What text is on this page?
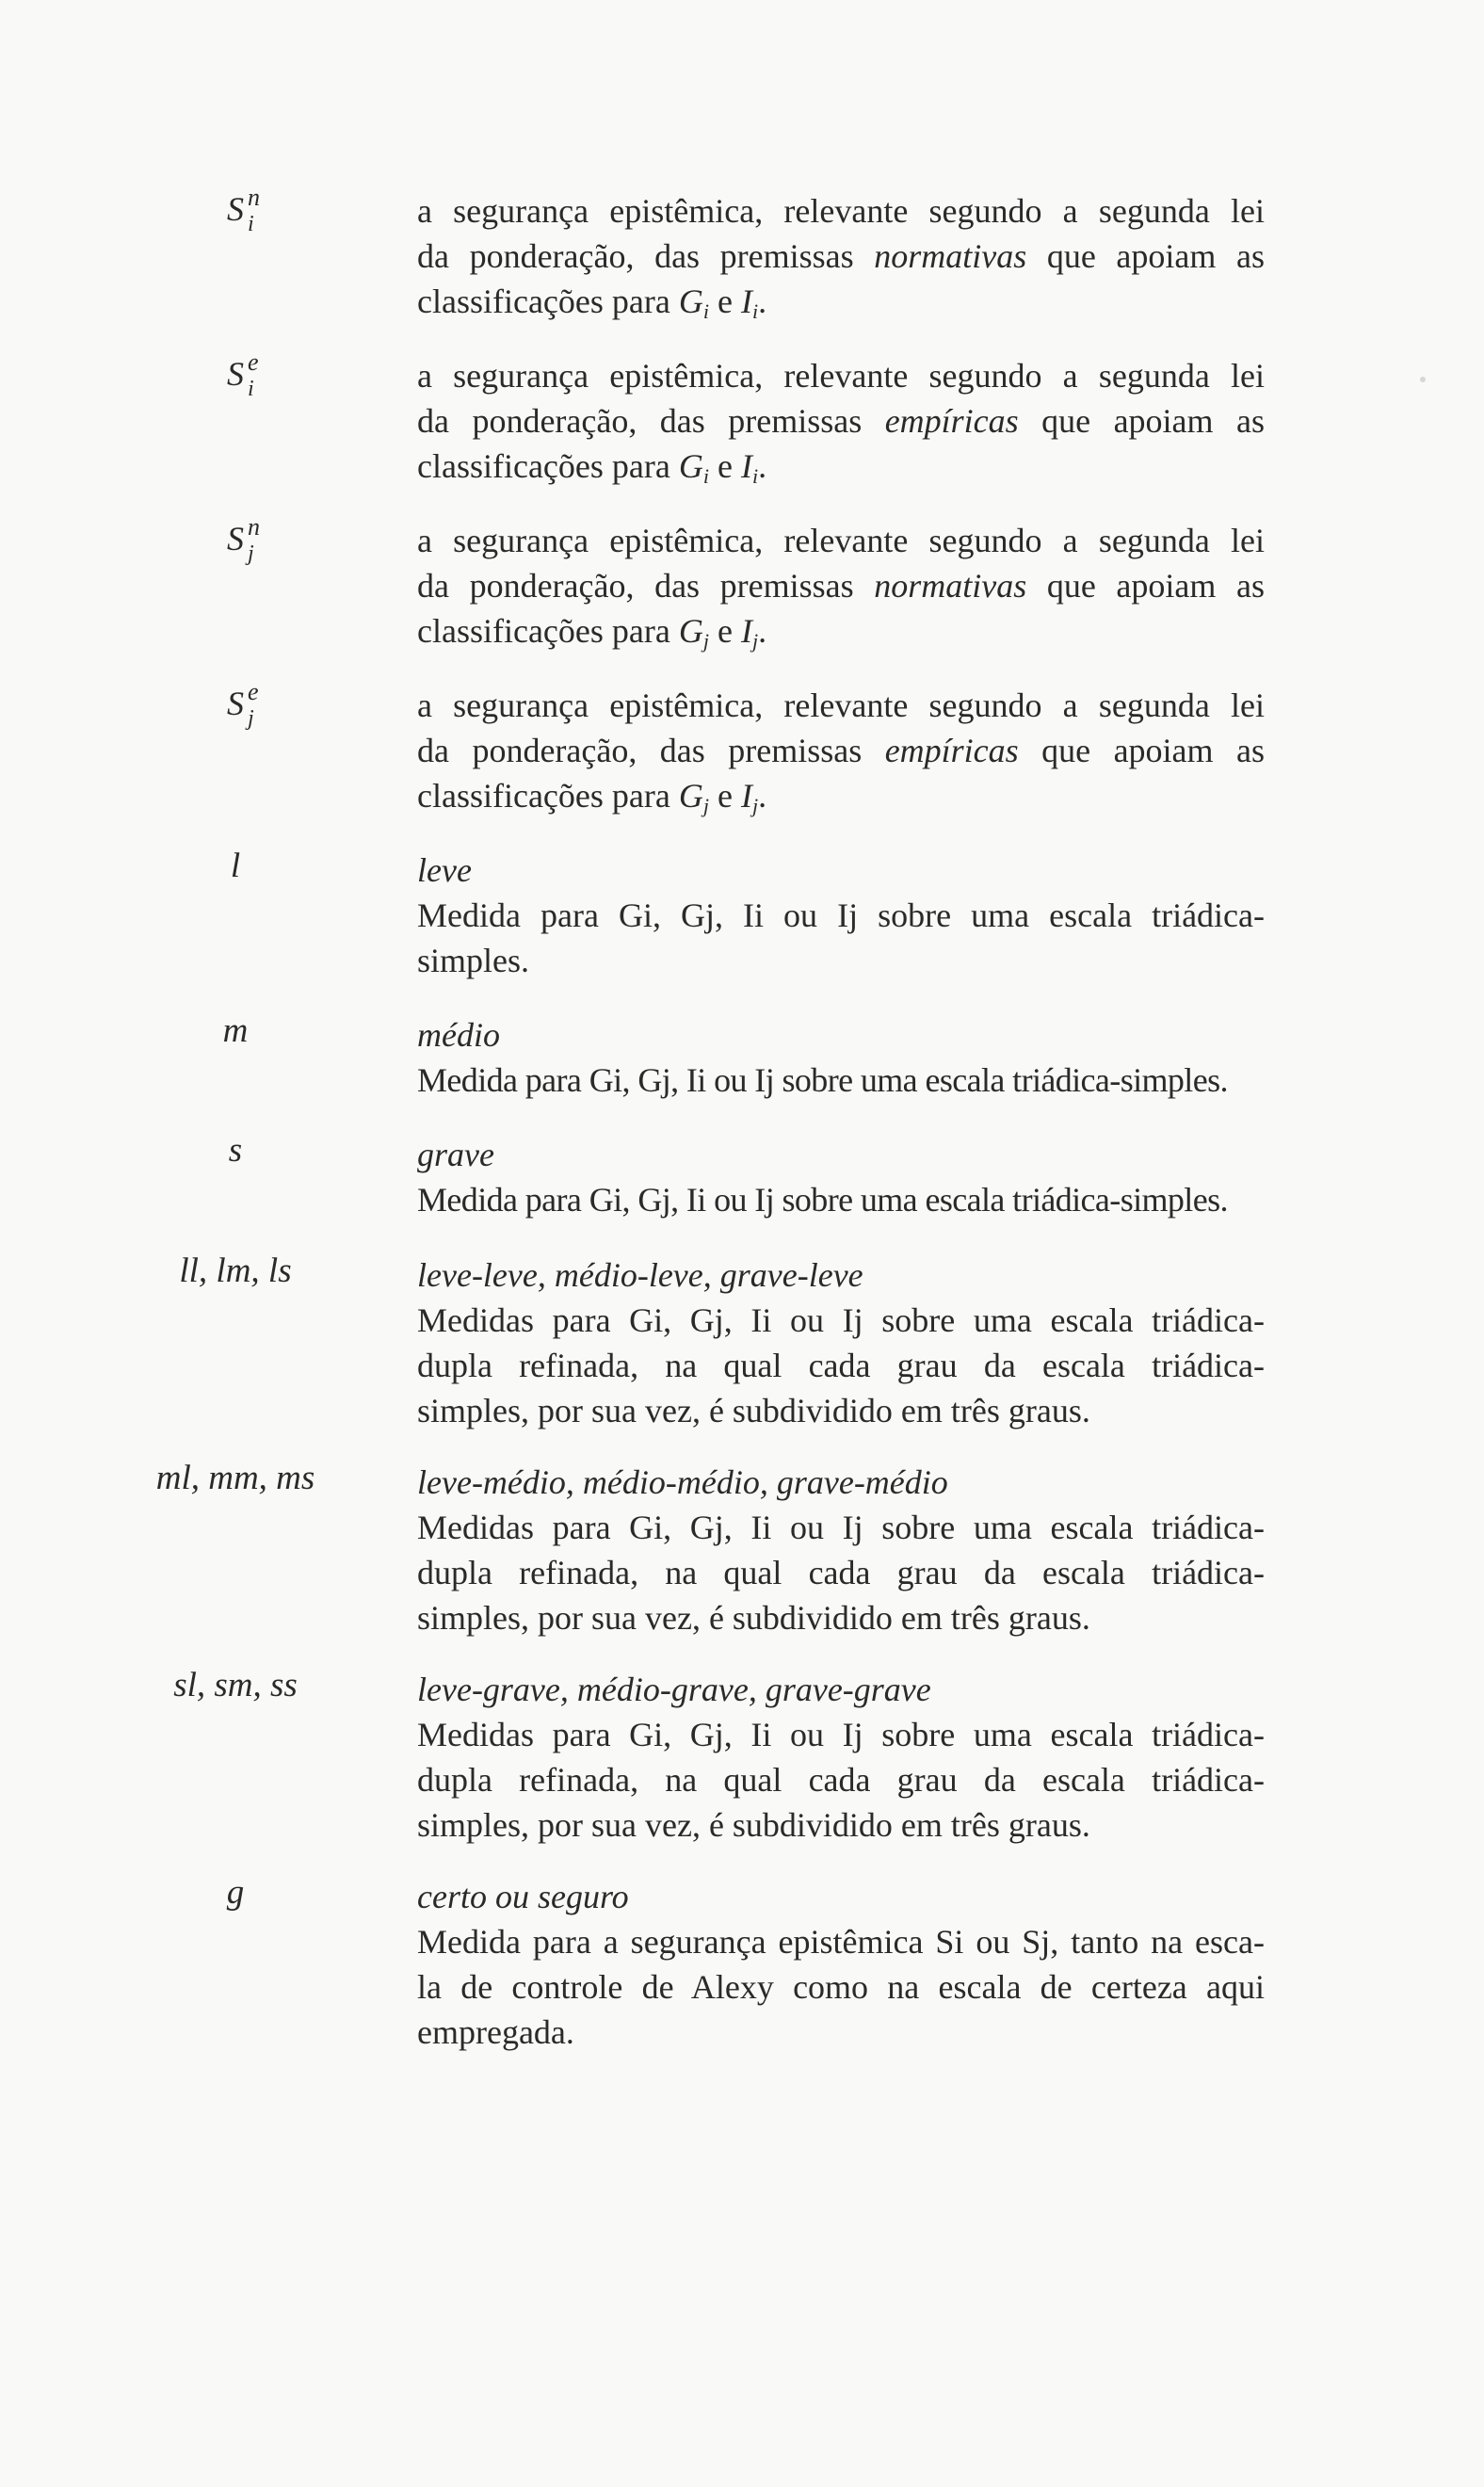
S n
i	a segurança epistêmica, relevante segundo a segunda lei
da ponderação, das premissas normativas que apoiam as
classificações para $G_i$ e $I_i$.
S e
i	a segurança epistêmica, relevante segundo a segunda lei
da ponderação, das premissas empíricas que apoiam as
classificações para $G_i$ e $I_i$.
S n
j	a segurança epistêmica, relevante segundo a segunda lei
da ponderação, das premissas normativas que apoiam as
classificações para $G_j$ e $I_j$.
S e
j	a segurança epistêmica, relevante segundo a segunda lei
da ponderação, das premissas empíricas que apoiam as
classificações para $G_j$ e $I_j$.
l	leve
Medida para Gi, Gj, Ii ou Ij sobre uma escala triádica-
simples.
m	médio
Medida para Gi, Gj, Ii ou Ij sobre uma escala triádica-simples.
s	grave
Medida para Gi, Gj, Ii ou Ij sobre uma escala triádica-simples.
ll, lm, ls	leve-leve, médio-leve, grave-leve
Medidas para Gi, Gj, Ii ou Ij sobre uma escala triádica-
dupla refinada, na qual cada grau da escala triádica-
simples, por sua vez, é subdividido em três graus.
ml, mm, ms	leve-médio, médio-médio, grave-médio
Medidas para Gi, Gj, Ii ou Ij sobre uma escala triádica-
dupla refinada, na qual cada grau da escala triádica-
simples, por sua vez, é subdividido em três graus.
sl, sm, ss	leve-grave, médio-grave, grave-grave
Medidas para Gi, Gj, Ii ou Ij sobre uma escala triádica-
dupla refinada, na qual cada grau da escala triádica-
simples, por sua vez, é subdividido em três graus.
g	certo ou seguro
Medida para a segurança epistêmica Si ou Sj, tanto na esca-
la de controle de Alexy como na escala de certeza aqui
empregada.
